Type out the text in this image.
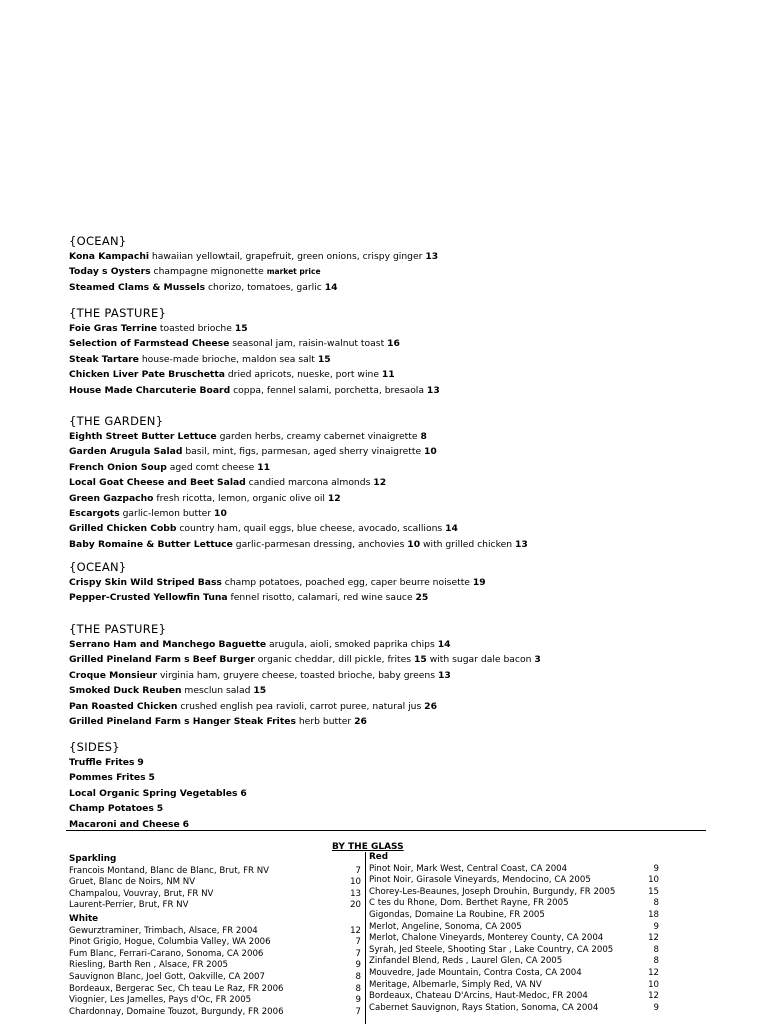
{OCEAN}
Kona Kampachi hawaiian yellowtail, grapefruit, green onions, crispy ginger 13
Today s Oysters champagne mignonette market price
Steamed Clams & Mussels chorizo, tomatoes, garlic 14
{THE PASTURE}
Foie Gras Terrine toasted brioche 15
Selection of Farmstead Cheese seasonal jam, raisin-walnut toast 16
Steak Tartare house-made brioche, maldon sea salt 15
Chicken Liver Pate Bruschetta dried apricots, nueske, port wine 11
House Made Charcuterie Board coppa, fennel salami, porchetta, bresaola 13
{THE GARDEN}
Eighth Street Butter Lettuce garden herbs, creamy cabernet vinaigrette 8
Garden Arugula Salad basil, mint, figs, parmesan, aged sherry vinaigrette 10
French Onion Soup aged comt cheese 11
Local Goat Cheese and Beet Salad candied marcona almonds 12
Green Gazpacho fresh ricotta, lemon, organic olive oil 12
Escargots garlic-lemon butter 10
Grilled Chicken Cobb country ham, quail eggs, blue cheese, avocado, scallions 14
Baby Romaine & Butter Lettuce garlic-parmesan dressing, anchovies 10 with grilled chicken 13
{OCEAN}
Crispy Skin Wild Striped Bass champ potatoes, poached egg, caper beurre noisette 19
Pepper-Crusted Yellowfin Tuna fennel risotto, calamari, red wine sauce 25
{THE PASTURE}
Serrano Ham and Manchego Baguette arugula, aioli, smoked paprika chips 14
Grilled Pineland Farm s Beef Burger organic cheddar, dill pickle, frites 15 with sugar dale bacon 3
Croque Monsieur virginia ham, gruyere cheese, toasted brioche, baby greens 13
Smoked Duck Reuben mesclun salad 15
Pan Roasted Chicken crushed english pea ravioli, carrot puree, natural jus 26
Grilled Pineland Farm s Hanger Steak Frites herb butter 26
{SIDES}
Truffle Frites 9
Pommes Frites 5
Local Organic Spring Vegetables 6
Champ Potatoes 5
Macaroni and Cheese 6
BY THE GLASS
Sparkling
Francois Montand, Blanc de Blanc, Brut, FR NV	7
Gruet, Blanc de Noirs, NM NV	10
Champalou, Vouvray, Brut, FR NV	13
Laurent-Perrier, Brut, FR NV	20
White
Gewurztraminer, Trimbach, Alsace, FR 2004	12
Pinot Grigio, Hogue, Columbia Valley, WA 2006	7
Fum Blanc, Ferrari-Carano, Sonoma, CA 2006	7
Riesling, Barth Ren , Alsace, FR 2005	9
Sauvignon Blanc, Joel Gott, Oakville, CA 2007	8
Bordeaux, Bergerac Sec, Ch teau Le Raz, FR 2006	8
Viognier, Les Jamelles, Pays d'Oc, FR 2005	9
Chardonnay, Domaine Touzot, Burgundy, FR 2006	7
Red
Pinot Noir, Mark West, Central Coast, CA 2004	9
Pinot Noir, Girasole Vineyards, Mendocino, CA 2005	10
Chorey-Les-Beaunes, Joseph Drouhin, Burgundy, FR 2005	15
C tes du Rhone, Dom. Berthet Rayne, FR 2005	8
Gigondas, Domaine La Roubine, FR 2005	18
Merlot, Angeline, Sonoma, CA 2005	9
Merlot, Chalone Vineyards, Monterey County, CA 2004	12
Syrah, Jed Steele, Shooting Star , Lake Country, CA 2005	8
Zinfandel Blend, Reds , Laurel Glen, CA 2005	8
Mouvedre, Jade Mountain, Contra Costa, CA 2004	12
Meritage, Albemarle, Simply Red, VA NV	10
Bordeaux, Chateau D'Arcins, Haut-Medoc, FR 2004	12
Cabernet Sauvignon, Rays Station, Sonoma, CA 2004	9
